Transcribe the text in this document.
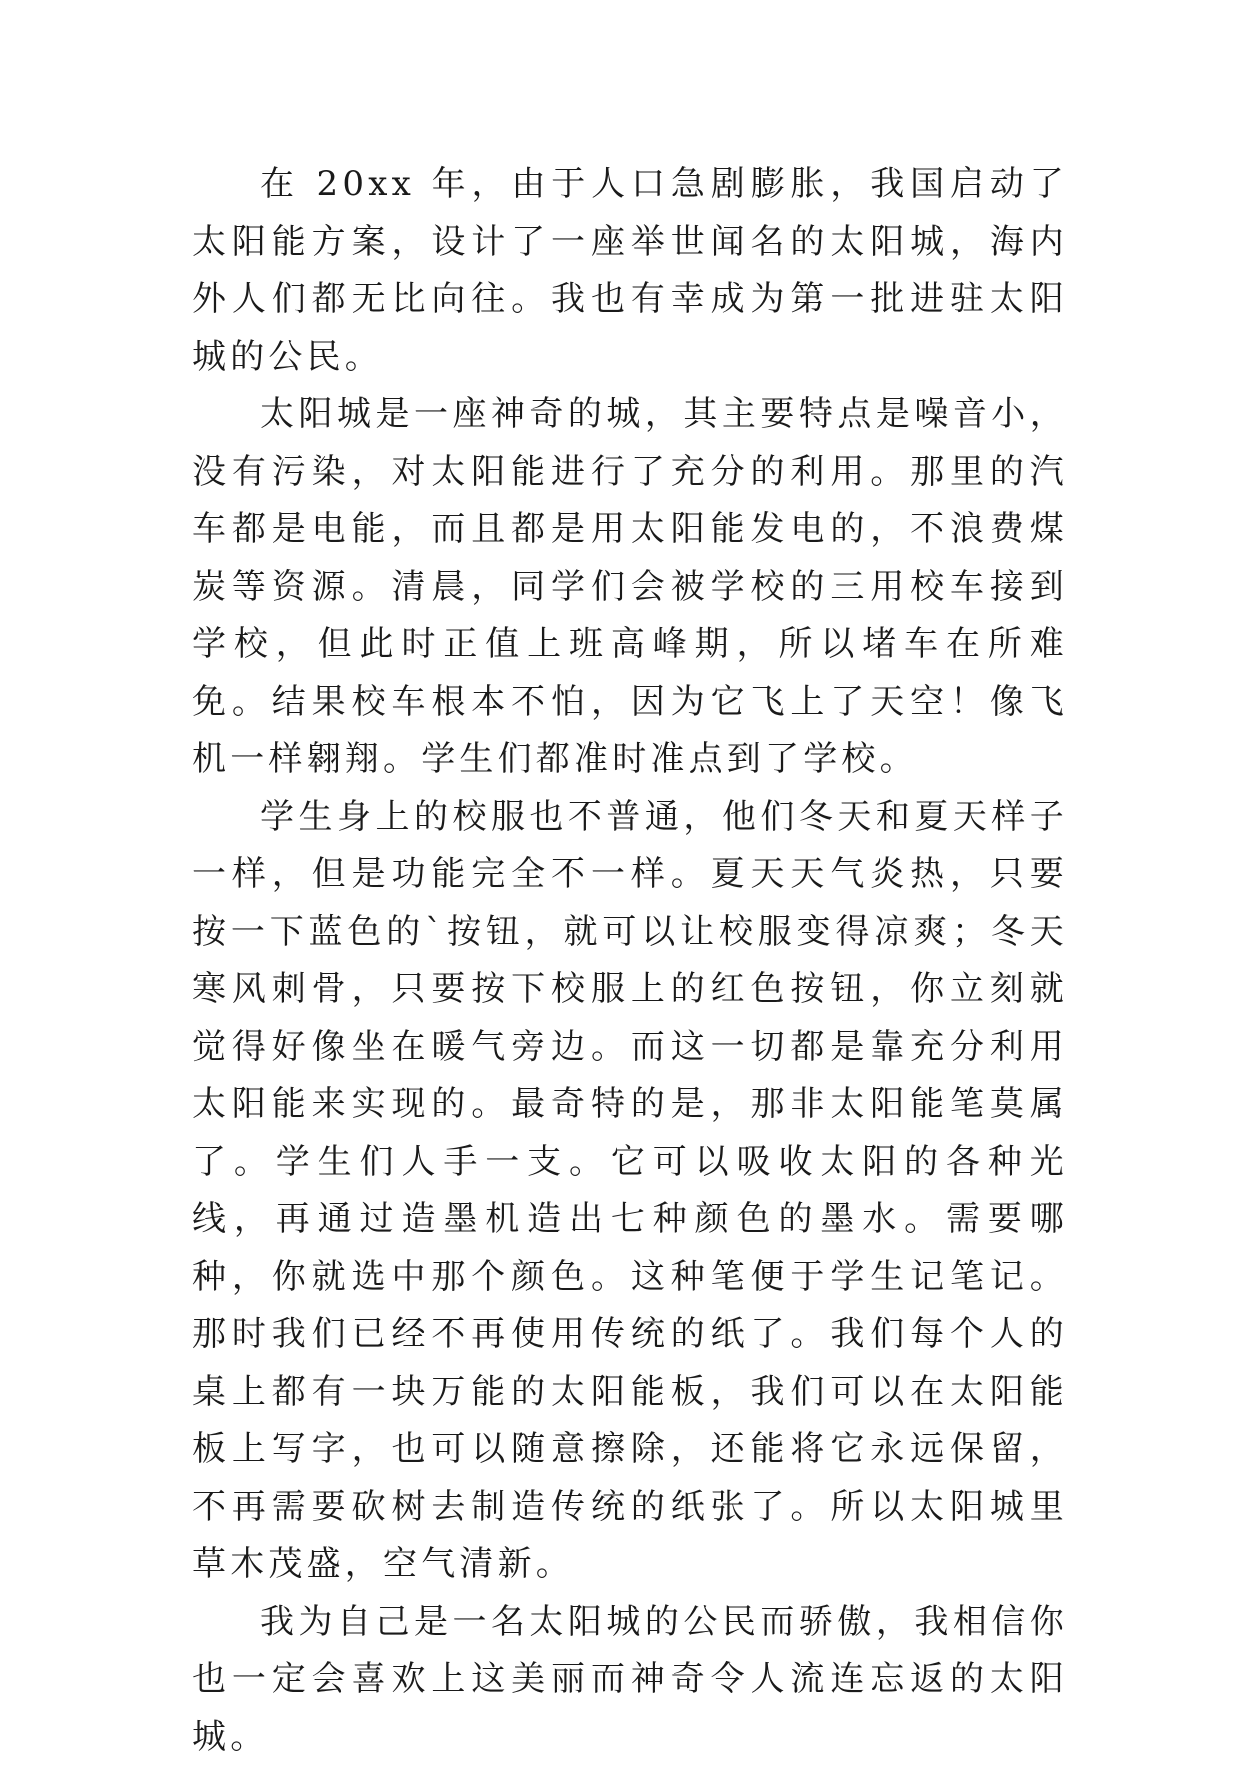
在 20xx 年，由于人口急剧膨胀，我国启动了太阳能方案，设计了一座举世闻名的太阳城，海内外人们都无比向往。我也有幸成为第一批进驻太阳城的公民。

太阳城是一座神奇的城，其主要特点是噪音小，没有污染，对太阳能进行了充分的利用。那里的汽车都是电能，而且都是用太阳能发电的，不浪费煤炭等资源。清晨，同学们会被学校的三用校车接到学校，但此时正值上班高峰期，所以堵车在所难免。结果校车根本不怕，因为它飞上了天空！像飞机一样翱翔。学生们都准时准点到了学校。

学生身上的校服也不普通，他们冬天和夏天样子一样，但是功能完全不一样。夏天天气炎热，只要按一下蓝色的`按钮，就可以让校服变得凉爽；冬天寒风刺骨，只要按下校服上的红色按钮，你立刻就觉得好像坐在暖气旁边。而这一切都是靠充分利用太阳能来实现的。最奇特的是，那非太阳能笔莫属了。学生们人手一支。它可以吸收太阳的各种光线，再通过造墨机造出七种颜色的墨水。需要哪种，你就选中那个颜色。这种笔便于学生记笔记。那时我们已经不再使用传统的纸了。我们每个人的桌上都有一块万能的太阳能板，我们可以在太阳能板上写字，也可以随意擦除，还能将它永远保留，不再需要砍树去制造传统的纸张了。所以太阳城里草木茂盛，空气清新。

我为自己是一名太阳城的公民而骄傲，我相信你也一定会喜欢上这美丽而神奇令人流连忘返的太阳城。
